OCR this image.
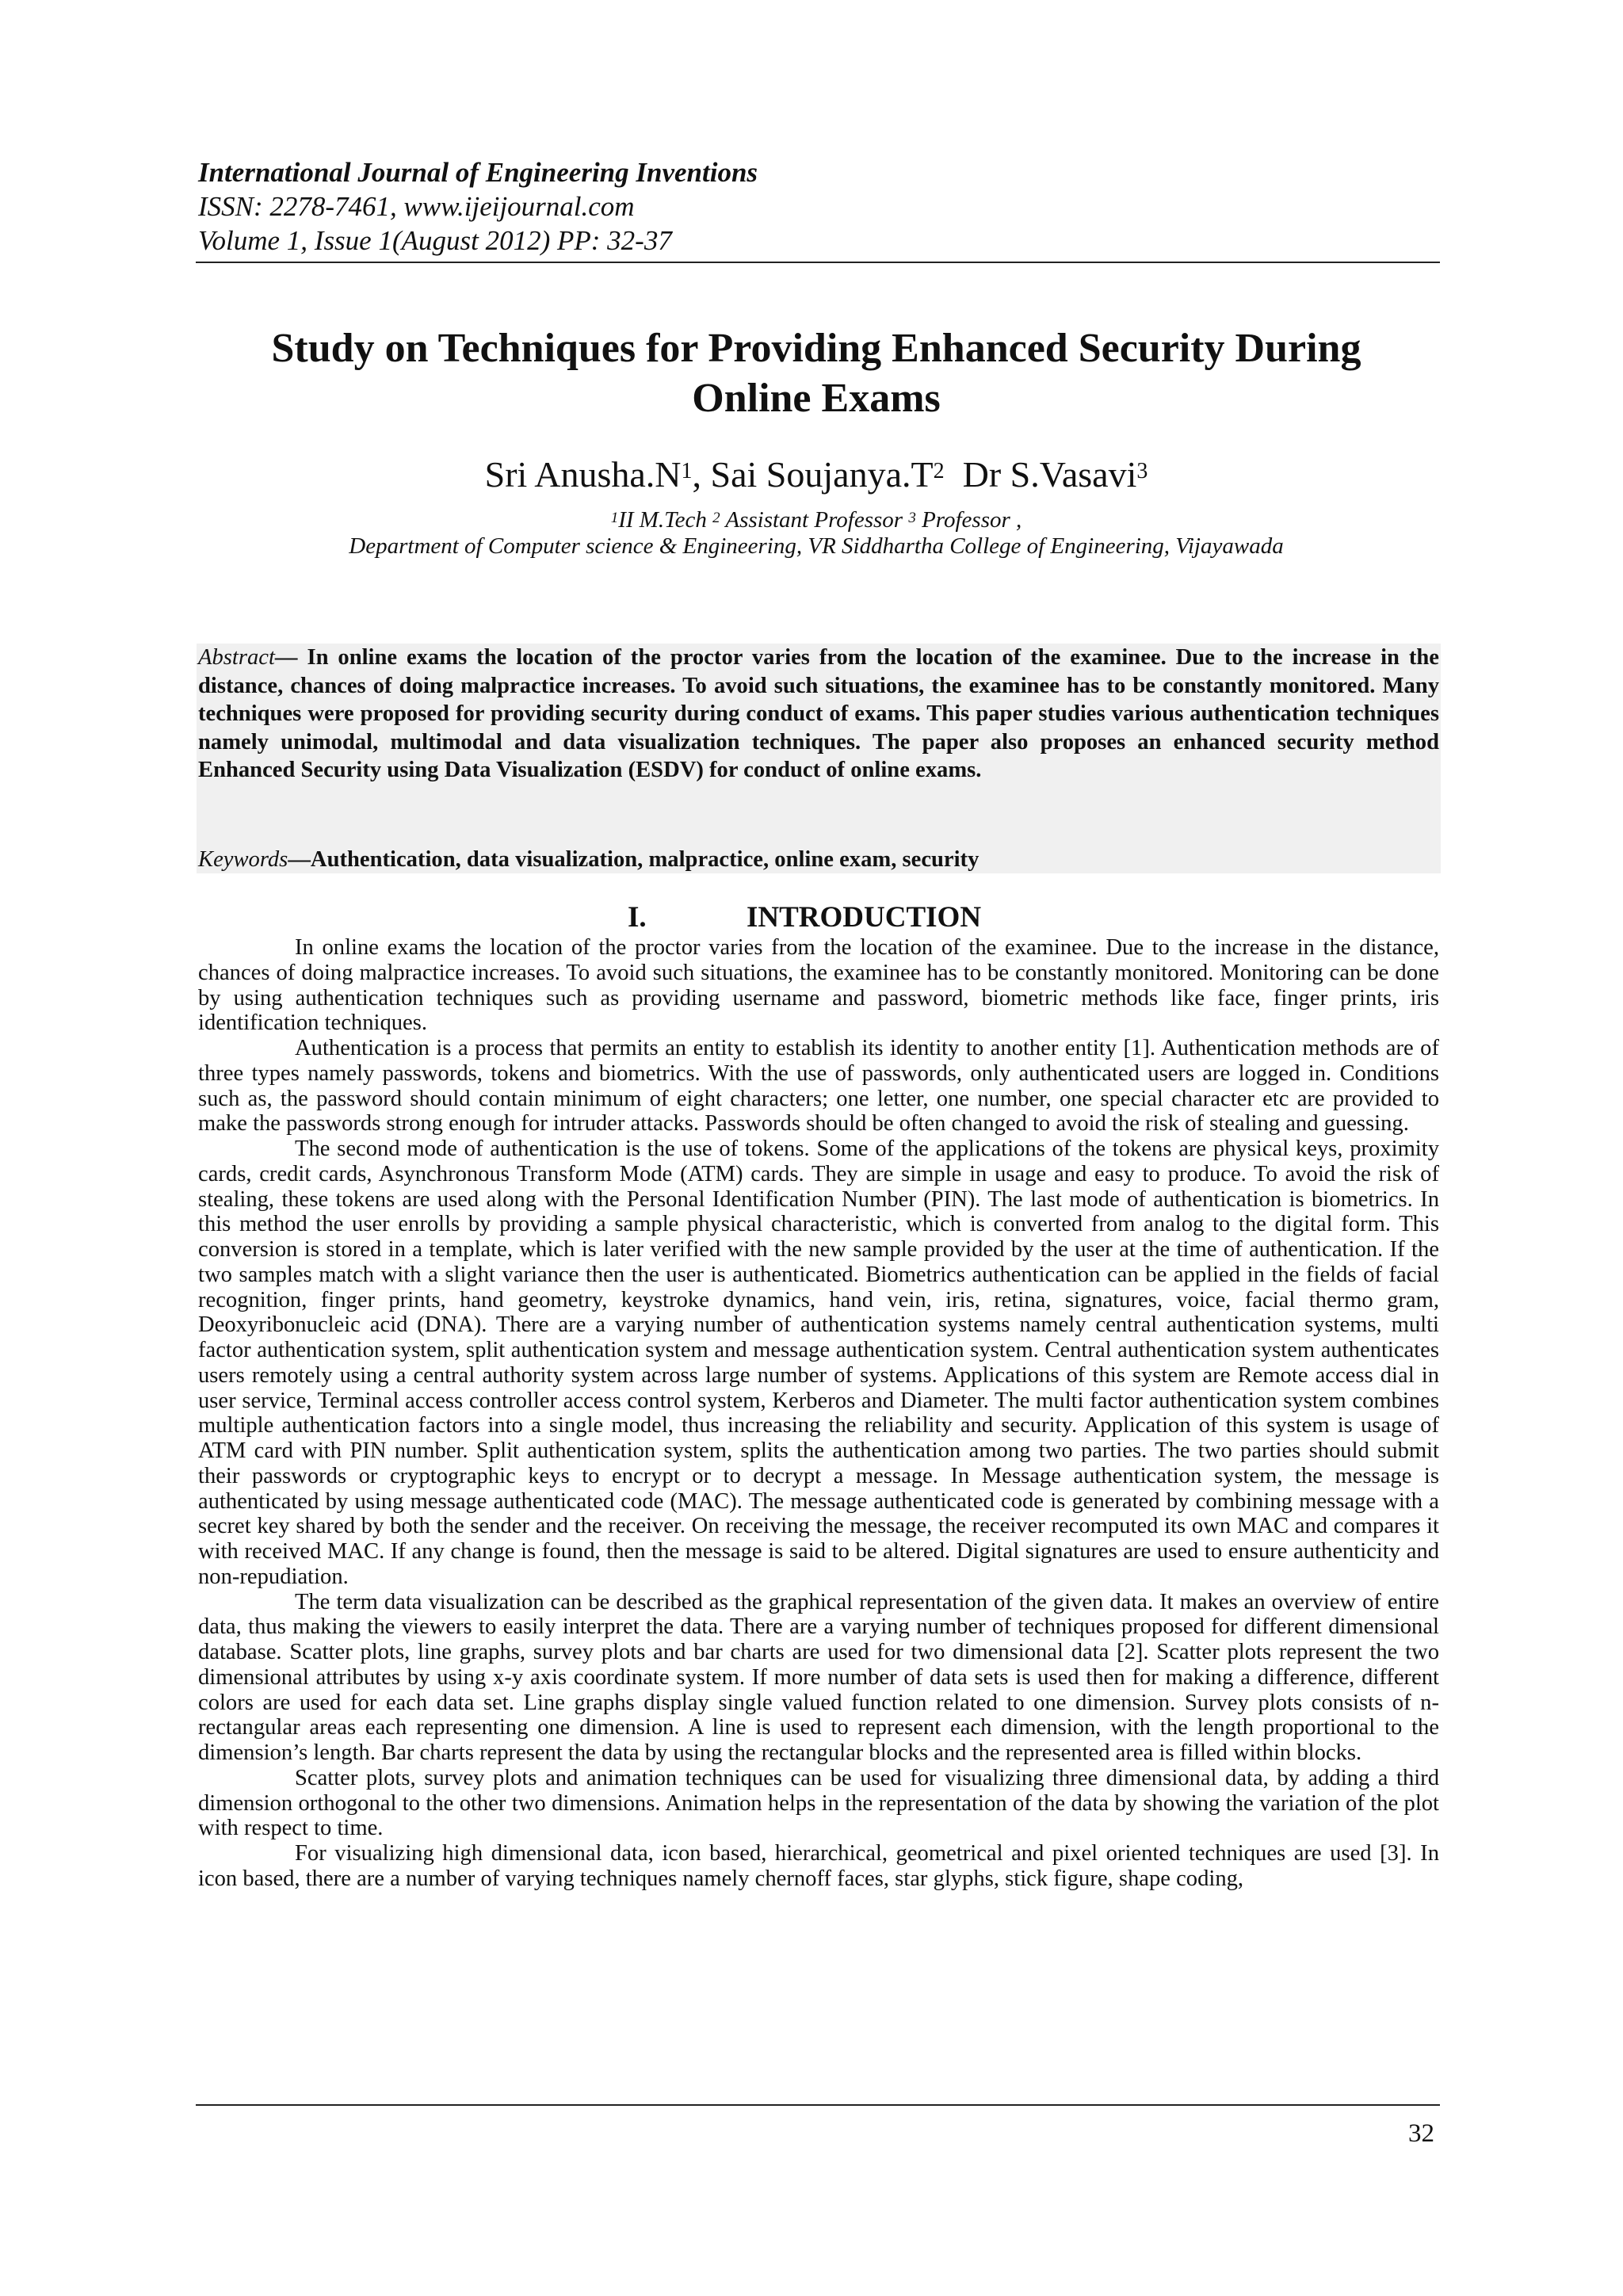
International Journal of Engineering Inventions
ISSN: 2278-7461, www.ijeijournal.com
Volume 1, Issue 1(August 2012) PP: 32-37
Study on Techniques for Providing Enhanced Security During
Online Exams
Sri $Anusha.N^1$, Sai $Soujanya.T^2$ Dr S.Vasavi$^3$
$^1$II M.Tech $^2$ Assistant Professor $^3$ Professor ,
Department of Computer science & Engineering, VR Siddhartha College of Engineering, Vijayawada
Abstract— In online exams the location of the proctor varies from the location of the examinee. Due to the increase in the distance, chances of doing malpractice increases. To avoid such situations, the examinee has to be constantly monitored. Many techniques were proposed for providing security during conduct of exams. This paper studies various authentication techniques namely unimodal, multimodal and data visualization techniques. The paper also proposes an enhanced security method Enhanced Security using Data Visualization (ESDV) for conduct of online exams.
Keywords—Authentication, data visualization, malpractice, online exam, security
I.	INTRODUCTION

In online exams the location of the proctor varies from the location of the examinee. Due to the increase in the distance, chances of doing malpractice increases. To avoid such situations, the examinee has to be constantly monitored. Monitoring can be done by using authentication techniques such as providing username and password, biometric methods like face, finger prints, iris identification techniques.

Authentication is a process that permits an entity to establish its identity to another entity [1]. Authentication methods are of three types namely passwords, tokens and biometrics. With the use of passwords, only authenticated users are logged in. Conditions such as, the password should contain minimum of eight characters; one letter, one number, one special character etc are provided to make the passwords strong enough for intruder attacks. Passwords should be often changed to avoid the risk of stealing and guessing.

The second mode of authentication is the use of tokens. Some of the applications of the tokens are physical keys, proximity cards, credit cards, Asynchronous Transform Mode (ATM) cards. They are simple in usage and easy to produce. To avoid the risk of stealing, these tokens are used along with the Personal Identification Number (PIN). The last mode of authentication is biometrics. In this method the user enrolls by providing a sample physical characteristic, which is converted from analog to the digital form. This conversion is stored in a template, which is later verified with the new sample provided by the user at the time of authentication. If the two samples match with a slight variance then the user is authenticated. Biometrics authentication can be applied in the fields of facial recognition, finger prints, hand geometry, keystroke dynamics, hand vein, iris, retina, signatures, voice, facial thermo gram, Deoxyribonucleic acid (DNA). There are a varying number of authentication systems namely central authentication systems, multi factor authentication system, split authentication system and message authentication system. Central authentication system authenticates users remotely using a central authority system across large number of systems. Applications of this system are Remote access dial in user service, Terminal access controller access control system, Kerberos and Diameter. The multi factor authentication system combines multiple authentication factors into a single model, thus increasing the reliability and security. Application of this system is usage of ATM card with PIN number. Split authentication system, splits the authentication among two parties. The two parties should submit their passwords or cryptographic keys to encrypt or to decrypt a message. In Message authentication system, the message is authenticated by using message authenticated code (MAC). The message authenticated code is generated by combining message with a secret key shared by both the sender and the receiver. On receiving the message, the receiver recomputed its own MAC and compares it with received MAC. If any change is found, then the message is said to be altered. Digital signatures are used to ensure authenticity and non-repudiation.

The term data visualization can be described as the graphical representation of the given data. It makes an overview of entire data, thus making the viewers to easily interpret the data. There are a varying number of techniques proposed for different dimensional database. Scatter plots, line graphs, survey plots and bar charts are used for two dimensional data [2]. Scatter plots represent the two dimensional attributes by using x-y axis coordinate system. If more number of data sets is used then for making a difference, different colors are used for each data set. Line graphs display single valued function related to one dimension. Survey plots consists of n-rectangular areas each representing one dimension. A line is used to represent each dimension, with the length proportional to the dimension’s length. Bar charts represent the data by using the rectangular blocks and the represented area is filled within blocks.

Scatter plots, survey plots and animation techniques can be used for visualizing three dimensional data, by adding a third dimension orthogonal to the other two dimensions. Animation helps in the representation of the data by showing the variation of the plot with respect to time.

For visualizing high dimensional data, icon based, hierarchical, geometrical and pixel oriented techniques are used [3]. In icon based, there are a number of varying techniques namely chernoff faces, star glyphs, stick figure, shape coding,

32
